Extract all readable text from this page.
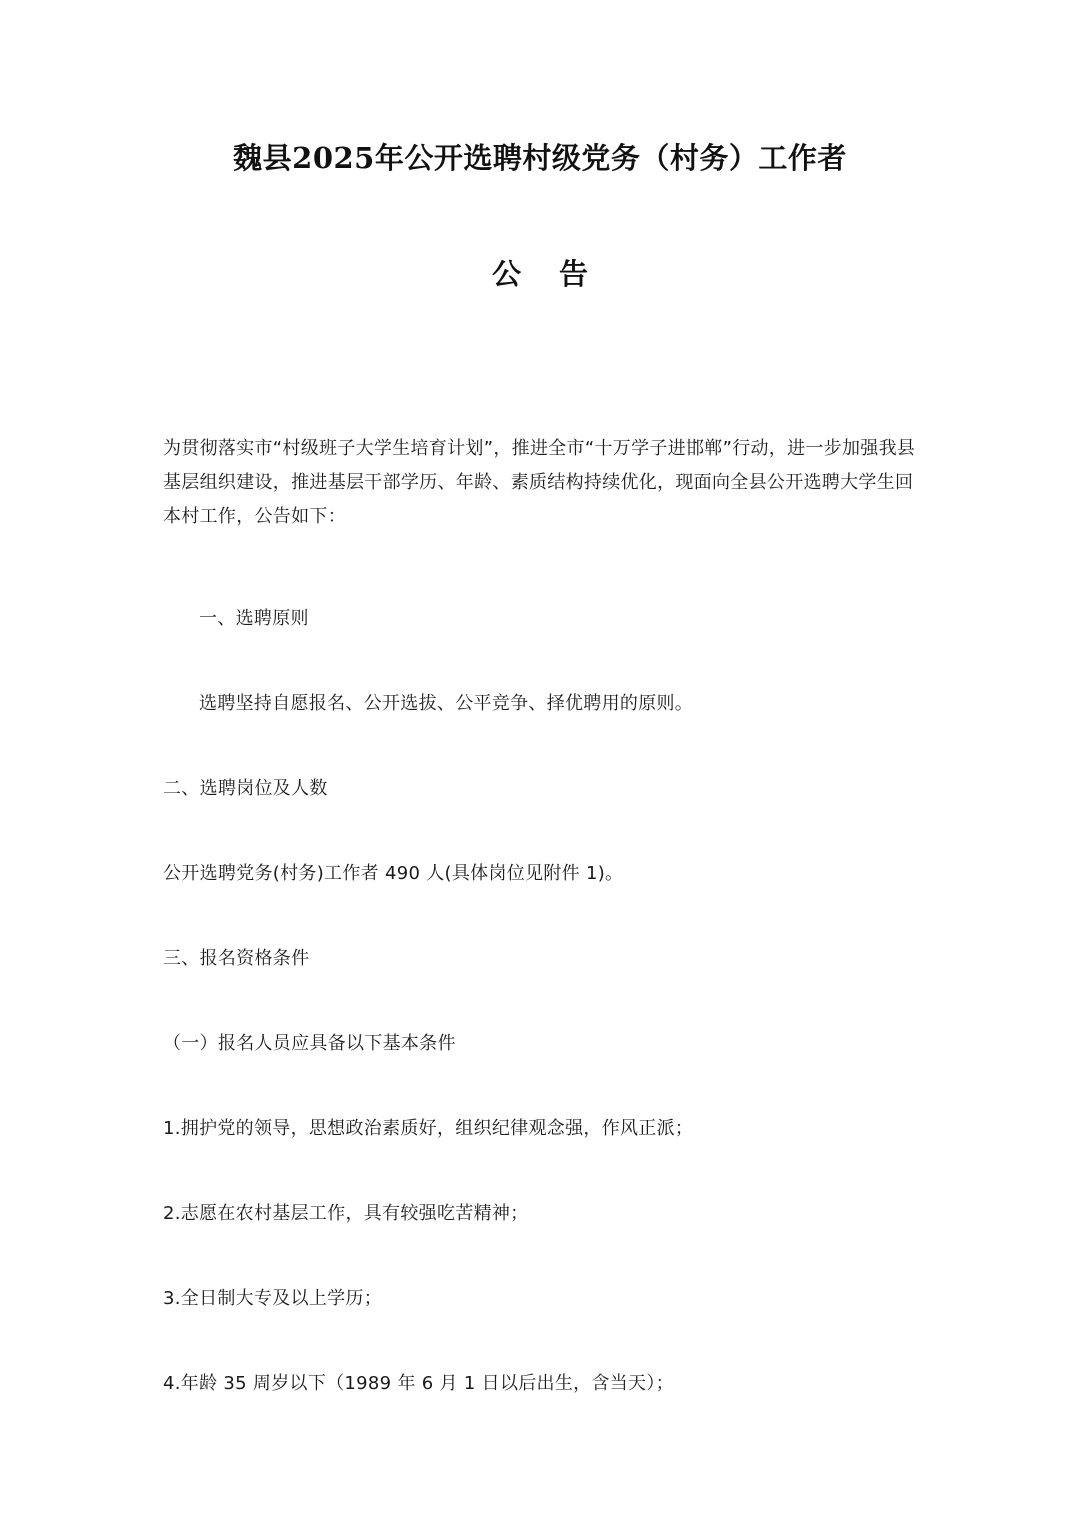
魏县2025年公开选聘村级党务（村务）工作者
公 告
为贯彻落实市“村级班子大学生培育计划”，推进全市“十万学子进邯郸”行动，进一步加强我县基层组织建设，推进基层干部学历、年龄、素质结构持续优化，现面向全县公开选聘大学生回本村工作，公告如下：
一、选聘原则
选聘坚持自愿报名、公开选拔、公平竞争、择优聘用的原则。
二、选聘岗位及人数
公开选聘党务(村务)工作者 490 人(具体岗位见附件 1)。
三、报名资格条件
（一）报名人员应具备以下基本条件
1.拥护党的领导，思想政治素质好，组织纪律观念强，作风正派；
2.志愿在农村基层工作，具有较强吃苦精神；
3.全日制大专及以上学历；
4.年龄 35 周岁以下（1989 年 6 月 1 日以后出生，含当天）；
